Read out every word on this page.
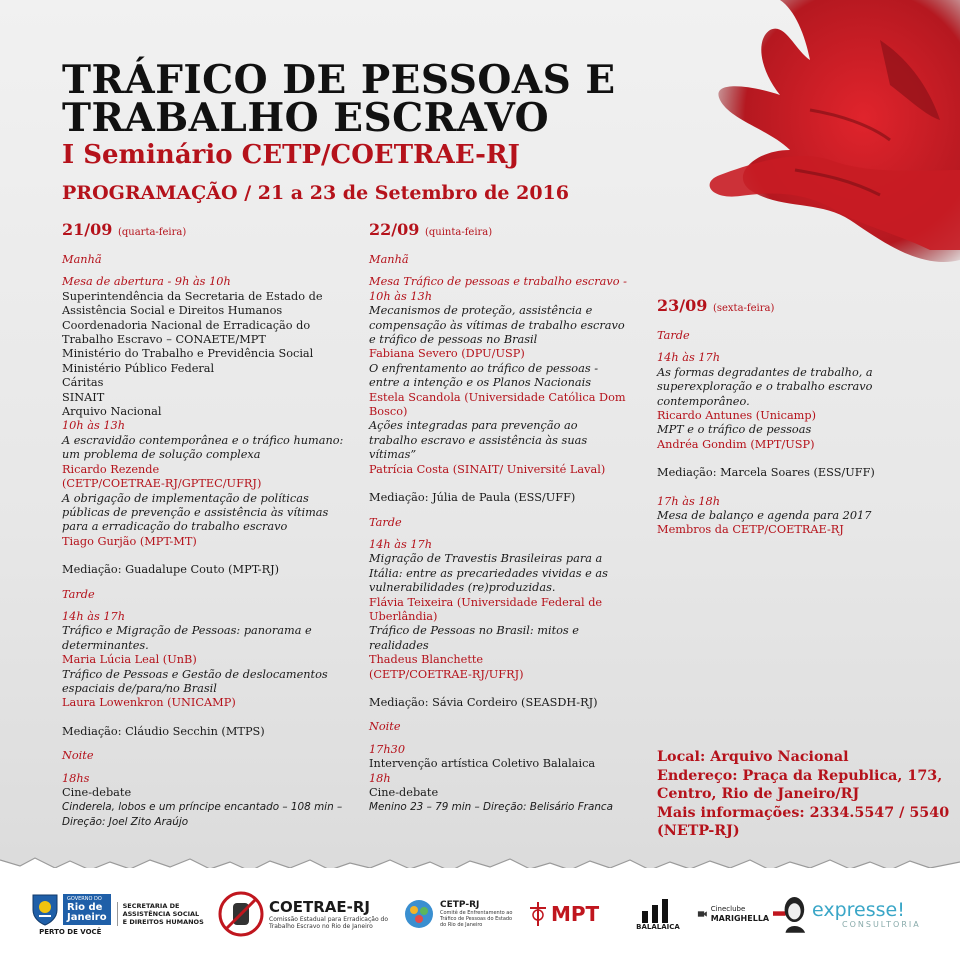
TRÁFICO DE PESSOAS E
TRABALHO ESCRAVO
I Seminário CETP/COETRAE-RJ
PROGRAMAÇÃO / 21 a 23 de Setembro de 2016
21/09 (quarta-feira)
Manhã
Mesa de abertura - 9h às 10h
Superintendência da Secretaria de Estado de
Assistência Social e Direitos Humanos
Coordenadoria Nacional de Erradicação do
Trabalho Escravo – CONAETE/MPT
Ministério do Trabalho e Previdência Social
Ministério Público Federal
Cáritas
SINAIT
Arquivo Nacional
10h às 13h
A escravidão contemporânea e o tráfico humano:
um problema de solução complexa
Ricardo Rezende
(CETP/COETRAE-RJ/GPTEC/UFRJ)
A obrigação de implementação de políticas
públicas de prevenção e assistência às vítimas
para a erradicação do trabalho escravo
Tiago Gurjão (MPT-MT)
Mediação: Guadalupe Couto (MPT-RJ)
Tarde
14h às 17h
Tráfico e Migração de Pessoas: panorama e
determinantes.
Maria Lúcia Leal (UnB)
Tráfico de Pessoas e Gestão de deslocamentos
espaciais de/para/no Brasil
Laura Lowenkron (UNICAMP)
Mediação: Cláudio Secchin (MTPS)
Noite
18hs
Cine-debate
Cinderela, lobos e um príncipe encantado – 108 min –
Direção: Joel Zito Araújo
22/09 (quinta-feira)
Manhã
Mesa Tráfico de pessoas e trabalho escravo -
10h às 13h
Mecanismos de proteção, assistência e
compensação às vítimas de trabalho escravo
e tráfico de pessoas no Brasil
Fabiana Severo (DPU/USP)
O enfrentamento ao tráfico de pessoas -
entre a intenção e os Planos Nacionais
Estela Scandola (Universidade Católica Dom
Bosco)
Ações integradas para prevenção ao
trabalho escravo e assistência às suas
vítimas”
Patrícia Costa (SINAIT/ Université Laval)
Mediação: Júlia de Paula (ESS/UFF)
Tarde
14h às 17h
Migração de Travestis Brasileiras para a
Itália: entre as precariedades vividas e as
vulnerabilidades (re)produzidas.
Flávia Teixeira (Universidade Federal de
Uberlândia)
Tráfico de Pessoas no Brasil: mitos e
realidades
Thadeus Blanchette
(CETP/COETRAE-RJ/UFRJ)
Mediação: Sávia Cordeiro (SEASDH-RJ)
Noite
17h30
Intervenção artística Coletivo Balalaica
18h
Cine-debate
Menino 23 – 79 min – Direção: Belisário Franca
23/09 (sexta-feira)
Tarde
14h às 17h
As formas degradantes de trabalho, a
superexploração e o trabalho escravo
contemporâneo.
Ricardo Antunes (Unicamp)
MPT e o tráfico de pessoas
Andréa Gondim (MPT/USP)
Mediação: Marcela Soares (ESS/UFF)
17h às 18h
Mesa de balanço e agenda para 2017
Membros da CETP/COETRAE-RJ
Local: Arquivo Nacional
Endereço: Praça da Republica, 173,
Centro, Rio de Janeiro/RJ
Mais informações: 2334.5547 / 5540
(NETP-RJ)
GOVERNO DO
Rio de
Janeiro
PERTO DE VOCÊ
SECRETARIA DE
ASSISTÊNCIA SOCIAL
E DIREITOS HUMANOS
COETRAE-RJ
Comissão Estadual para Erradicação do
Trabalho Escravo no Rio de Janeiro
CETP-RJ
Comitê de Enfrentamento ao
Tráfico de Pessoas do Estado
do Rio de Janeiro	MPT
BALALAICA
Cineclube
MARIGHELLA expresse!
CONSULTORIA
